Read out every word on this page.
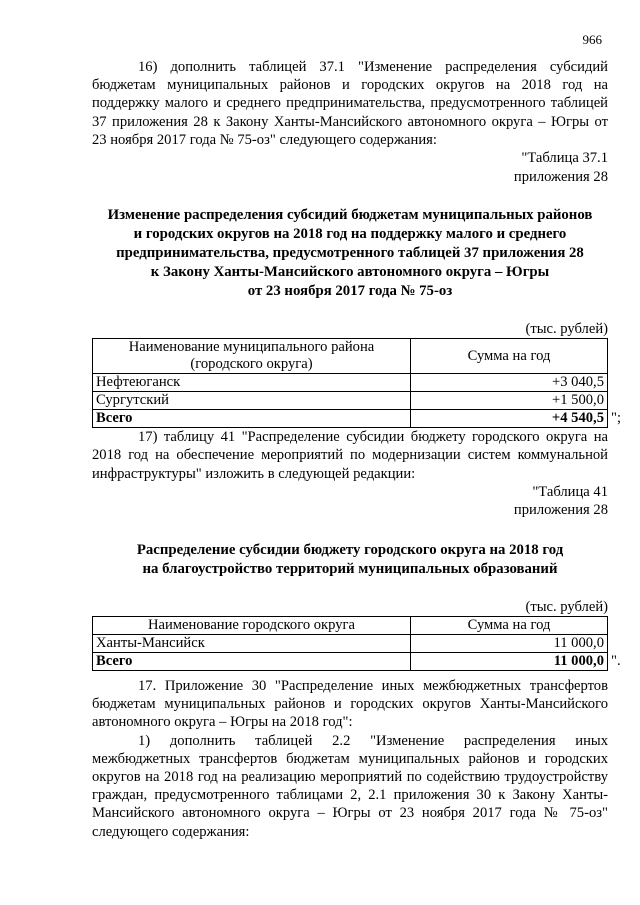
966

16) дополнить таблицей 37.1 "Изменение распределения субсидий бюджетам муниципальных районов и городских округов на 2018 год на поддержку малого и среднего предпринимательства, предусмотренного таблицей 37 приложения 28 к Закону Ханты-Мансийского автономного округа – Югры от 23 ноября 2017 года № 75-оз" следующего содержания:

"Таблица 37.1

приложения 28

Изменение распределения субсидий бюджетам муниципальных районов

и городских округов на 2018 год на поддержку малого и среднего

предпринимательства, предусмотренного таблицей 37 приложения 28

к Закону Ханты-Мансийского автономного округа – Югры

от 23 ноября 2017 года № 75-оз

(тыс. рублей)

Наименование муниципального района
(городского округа)	Сумма на год
Нефтеюганск	+3 040,5
Сургутский	+1 500,0
Всего	+4 540,5 ";

17) таблицу 41 "Распределение субсидии бюджету городского округа на 2018 год на обеспечение мероприятий по модернизации систем коммунальной инфраструктуры" изложить в следующей редакции:

"Таблица 41

приложения 28

Распределение субсидии бюджету городского округа на 2018 год

на благоустройство территорий муниципальных образований

(тыс. рублей)

Наименование городского округа	Сумма на год
Ханты-Мансийск	11 000,0
Всего	11 000,0 ".

17. Приложение 30 "Распределение иных межбюджетных трансфертов бюджетам муниципальных районов и городских округов Ханты-Мансийского автономного округа – Югры на 2018 год":

1) дополнить таблицей 2.2 "Изменение распределения иных межбюджетных трансфертов бюджетам муниципальных районов и городских округов на 2018 год на реализацию мероприятий по содействию трудоустройству граждан, предусмотренного таблицами 2, 2.1 приложения 30 к Закону Ханты-Мансийского автономного округа – Югры от 23 ноября 2017 года № 75-оз" следующего содержания:
